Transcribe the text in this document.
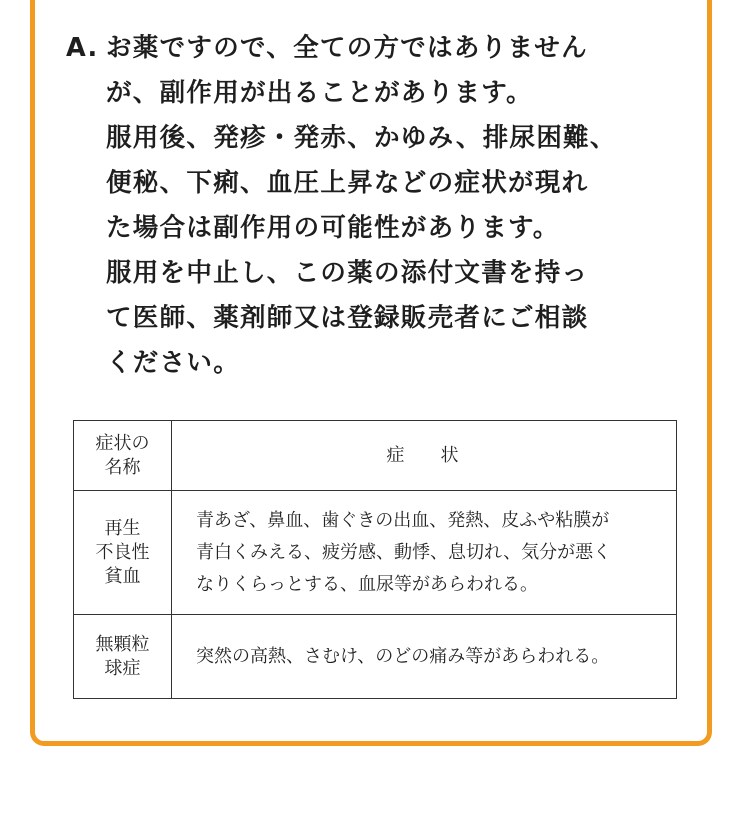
A. お薬ですので、全ての方ではありません
が、副作用が出ることがあります。
服用後、発疹・発赤、かゆみ、排尿困難、
便秘、下痢、血圧上昇などの症状が現れ
た場合は副作用の可能性があります。
服用を中止し、この薬の添付文書を持っ
て医師、薬剤師又は登録販売者にご相談
ください。
症状の
名称	症 状

再生
不良性
貧血	青あざ、鼻血、歯ぐきの出血、発熱、皮ふや粘膜が
青白くみえる、疲労感、動悸、息切れ、気分が悪く
なりくらっとする、血尿等があらわれる。

無顆粒
球症	突然の高熱、さむけ、のどの痛み等があらわれる。
